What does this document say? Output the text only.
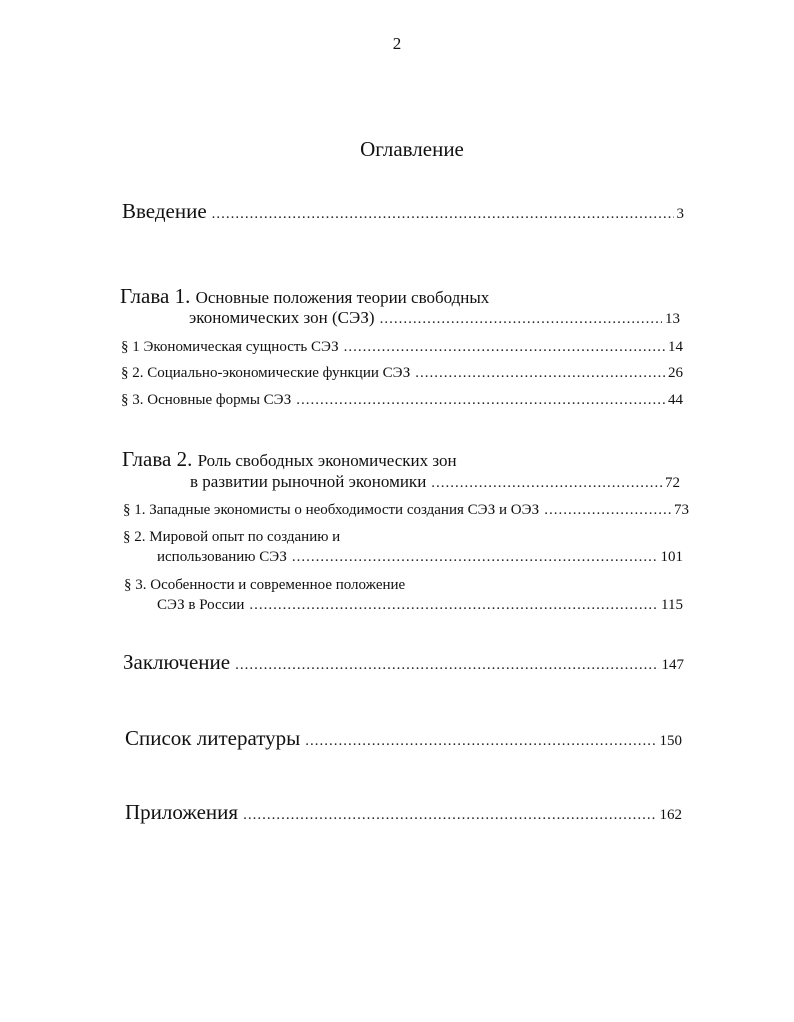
2
Оглавление
Введение .....	3
Глава 1. Основные положения теории свободных
экономических зон (СЭЗ) .....	13
§ 1 Экономическая сущность СЭЗ .....	14
§ 2. Социально-экономические функции СЭЗ .....	26
§ 3. Основные формы СЭЗ .....	44
Глава 2. Роль свободных экономических зон
в развитии рыночной экономики .....	72
§ 1. Западные экономисты о необходимости создания СЭЗ и ОЭЗ .....	73
§ 2. Мировой опыт по созданию и
использованию СЭЗ .....	101
§ 3. Особенности и современное положение
СЭЗ в России .....	115
Заключение .....	147
Список литературы .....	150
Приложения .....	162
